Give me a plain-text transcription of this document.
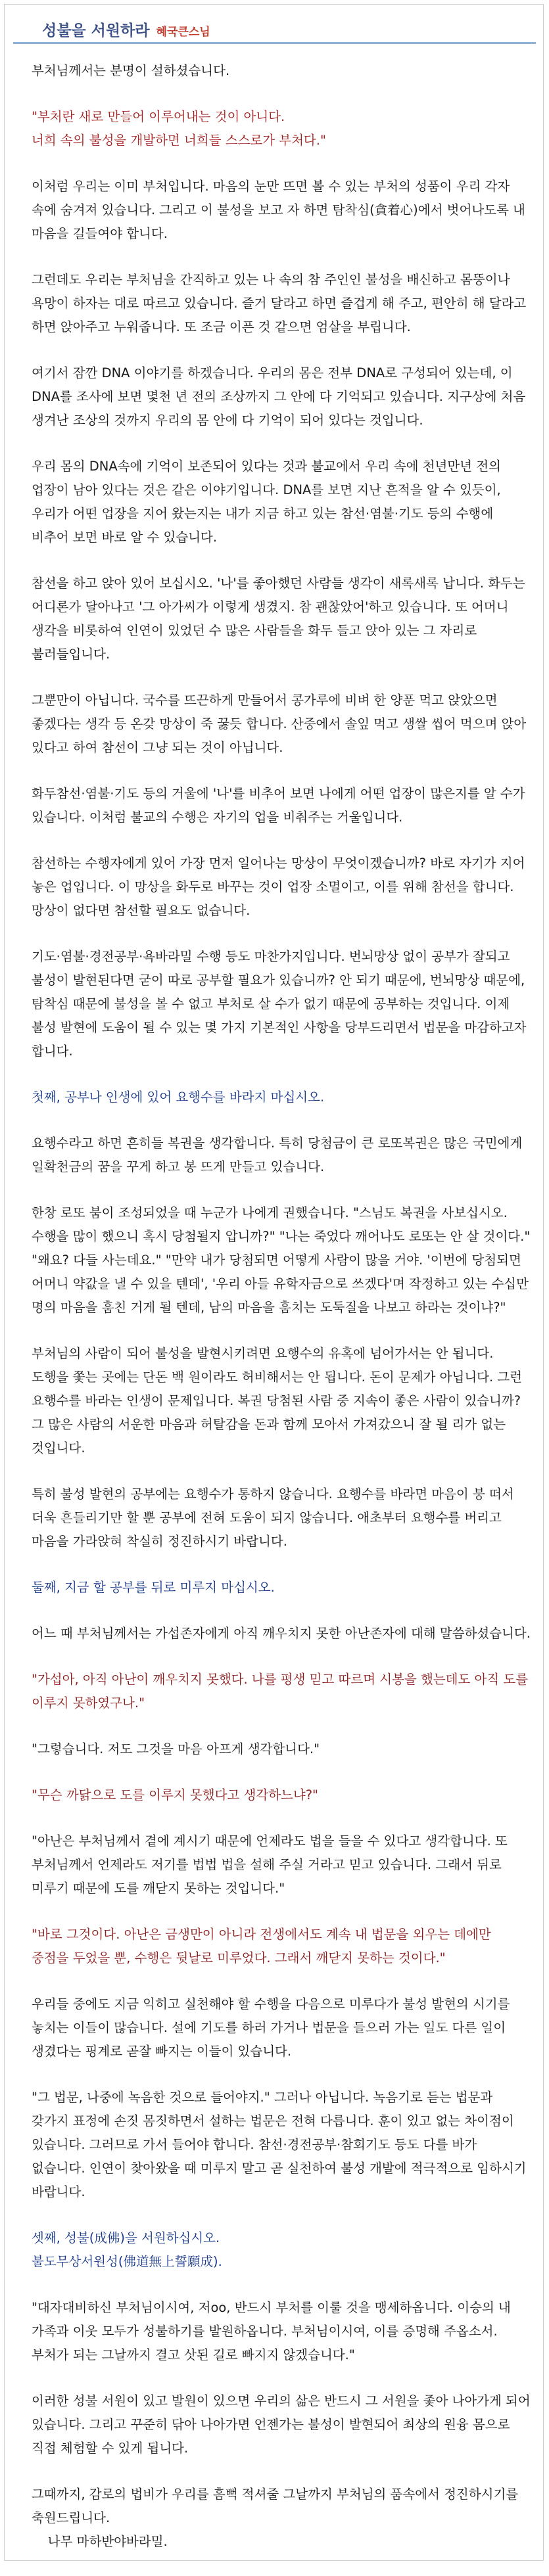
성불을 서원하라 혜국큰스님

부처님께서는 분명이 설하셨습니다.

"부처란 새로 만들어 이루어내는 것이 아니다.
너희 속의 불성을 개발하면 너희들 스스로가 부처다."

이처럼 우리는 이미 부처입니다. 마음의 눈만 뜨면 볼 수 있는 부처의 성품이 우리 각자 속에 숨겨져 있습니다. 그리고 이 불성을 보고 자 하면 탐착심(貪着心)에서 벗어나도록 내 마음을 길들여야 합니다.

그런데도 우리는 부처님을 간직하고 있는 나 속의 참 주인인 불성을 배신하고 몸뚱이나 욕망이 하자는 대로 따르고 있습니다. 즐거 달라고 하면 즐겁게 해 주고, 편안히 해 달라고 하면 앉아주고 누워줍니다. 또 조금 이픈 것 같으면 엄살을 부립니다.

여기서 잠깐 DNA 이야기를 하겠습니다. 우리의 몸은 전부 DNA로 구성되어 있는데, 이 DNA를 조사에 보면 몇천 년 전의 조상까지 그 안에 다 기억되고 있습니다. 지구상에 처음 생겨난 조상의 것까지 우리의 몸 안에 다 기억이 되어 있다는 것입니다.

우리 몸의 DNA속에 기억이 보존되어 있다는 것과 불교에서 우리 속에 천년만년 전의 업장이 남아 있다는 것은 같은 이야기입니다. DNA를 보면 지난 흔적을 알 수 있듯이, 우리가 어떤 업장을 지어 왔는지는 내가 지금 하고 있는 참선·염불·기도 등의 수행에 비추어 보면 바로 알 수 있습니다.

참선을 하고 앉아 있어 보십시오. '나'를 좋아했던 사람들 생각이 새록새록 납니다. 화두는 어디론가 달아나고 '그 아가씨가 이렇게 생겼지. 참 괜찮았어'하고 있습니다. 또 어머니 생각을 비롯하여 인연이 있었던 수 많은 사람들을 화두 들고 앉아 있는 그 자리로 불러들입니다.

그뿐만이 아닙니다. 국수를 뜨끈하게 만들어서 콩가루에 비벼 한 양푼 먹고 앉았으면 좋겠다는 생각 등 온갖 망상이 죽 꿇듯 합니다. 산중에서 솔잎 먹고 생쌀 씹어 먹으며 앉아 있다고 하여 참선이 그냥 되는 것이 아닙니다.

화두참선·염불·기도 등의 거울에 '나'를 비추어 보면 나에게 어떤 업장이 많은지를 알 수가 있습니다. 이처럼 불교의 수행은 자기의 업을 비춰주는 거울입니다.

참선하는 수행자에게 있어 가장 먼저 일어나는 망상이 무엇이겠습니까? 바로 자기가 지어 놓은 업입니다. 이 망상을 화두로 바꾸는 것이 업장 소멸이고, 이를 위해 참선을 합니다. 망상이 없다면 참선할 필요도 없습니다.

기도·염불·경전공부·욕바라밀 수행 등도 마찬가지입니다. 번뇌망상 없이 공부가 잘되고 불성이 발현된다면 굳이 따로 공부할 필요가 있습니까? 안 되기 때문에, 번뇌망상 때문에, 탐착심 때문에 불성을 볼 수 없고 부처로 살 수가 없기 때문에 공부하는 것입니다. 이제 불성 발현에 도움이 될 수 있는 몇 가지 기본적인 사항을 당부드리면서 법문을 마감하고자 합니다.

첫째, 공부나 인생에 있어 요행수를 바라지 마십시오.

요행수라고 하면 흔히들 복권을 생각합니다. 특히 당첨금이 큰 로또복권은 많은 국민에게 일확천금의 꿈을 꾸게 하고 봉 뜨게 만들고 있습니다.

한창 로또 붐이 조성되었을 때 누군가 나에게 권했습니다. "스님도 복권을 사보십시오. 수행을 많이 했으니 혹시 당첨될지 압니까?" "나는 죽었다 깨어나도 로또는 안 살 것이다." "왜요? 다들 사는데요." "만약 내가 당첨되면 어떻게 사람이 많을 거야. '이번에 당첨되면 어머니 약값을 낼 수 있을 텐데', '우리 아들 유학자금으로 쓰겠다'며 작정하고 있는 수십만 명의 마음을 훔친 거게 될 텐데, 남의 마음을 훔치는 도둑질을 나보고 하라는 것이냐?"

부처님의 사람이 되어 불성을 발현시키려면 요행수의 유혹에 넘어가서는 안 됩니다. 도행을 쫓는 곳에는 단돈 백 원이라도 허비해서는 안 됩니다. 돈이 문제가 아닙니다. 그런 요행수를 바라는 인생이 문제입니다. 복권 당첨된 사람 중 지속이 좋은 사람이 있습니까? 그 많은 사람의 서운한 마음과 허탈감을 돈과 함께 모아서 가져갔으니 잘 될 리가 없는 것입니다.

특히 불성 발현의 공부에는 요행수가 통하지 않습니다. 요행수를 바라면 마음이 붕 떠서 더욱 흔들리기만 할 뿐 공부에 전혀 도움이 되지 않습니다. 애초부터 요행수를 버리고 마음을 가라앉혀 착실히 정진하시기 바랍니다.

둘째, 지금 할 공부를 뒤로 미루지 마십시오.

어느 때 부처님께서는 가섭존자에게 아직 깨우치지 못한 아난존자에 대해 말씀하셨습니다.

"가섭아, 아직 아난이 깨우치지 못했다. 나를 평생 믿고 따르며 시봉을 했는데도 아직 도를 이루지 못하였구나."

"그렇습니다. 저도 그것을 마음 아프게 생각합니다."

"무슨 까닭으로 도를 이루지 못했다고 생각하느냐?"

"아난은 부처님께서 곁에 계시기 때문에 언제라도 법을 들을 수 있다고 생각합니다. 또 부처님께서 언제라도 저기를 법법 법을 설해 주실 거라고 믿고 있습니다. 그래서 뒤로 미루기 때문에 도를 깨닫지 못하는 것입니다."

"바로 그것이다. 아난은 금생만이 아니라 전생에서도 계속 내 법문을 외우는 데에만 중점을 두었을 뿐, 수행은 뒷날로 미루었다. 그래서 깨닫지 못하는 것이다."

우리들 중에도 지금 익히고 실천해야 할 수행을 다음으로 미루다가 불성 발현의 시기를 놓치는 이들이 많습니다. 설에 기도를 하러 가거나 법문을 들으러 가는 일도 다른 일이 생겼다는 핑계로 곧잘 빠지는 이들이 있습니다.

"그 법문, 나중에 녹음한 것으로 들어야지." 그러나 아닙니다. 녹음기로 듣는 법문과 갖가지 표정에 손짓 몸짓하면서 설하는 법문은 전혀 다릅니다. 훈이 있고 없는 차이점이 있습니다. 그러므로 가서 들어야 합니다. 참선·경전공부·참회기도 등도 다를 바가 없습니다. 인연이 찾아왔을 때 미루지 말고 곧 실천하여 불성 개발에 적극적으로 임하시기 바랍니다.

셋째, 성불(成佛)을 서원하십시오.
불도무상서원성(佛道無上誓願成).

"대자대비하신 부처님이시여, 저oo, 반드시 부처를 이룰 것을 맹세하옵니다. 이승의 내 가족과 이웃 모두가 성불하기를 발원하옵니다. 부처님이시여, 이를 증명해 주옵소서. 부처가 되는 그날까지 결고 삿된 길로 빠지지 않겠습니다."

이러한 성불 서원이 있고 발원이 있으면 우리의 삶은 반드시 그 서원을 좇아 나아가게 되어 있습니다. 그리고 꾸준히 닦아 나아가면 언젠가는 불성이 발현되어 최상의 원융 몸으로 직접 체험할 수 있게 됩니다.

그때까지, 감로의 법비가 우리를 흠뻑 적셔줄 그날까지 부처님의 품속에서 정진하시기를 축원드립니다.
나무 마하반야바라밀.
